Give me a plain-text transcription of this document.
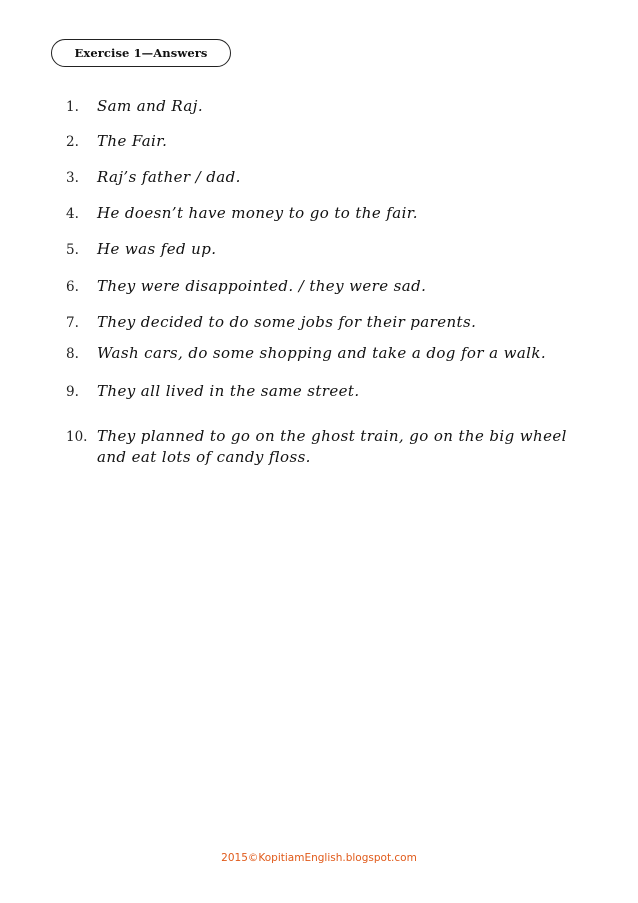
Exercise 1—Answers
1. Sam and Raj.
2. The Fair.
3. Raj’s father / dad.
4. He doesn’t have money to go to the fair.
5. He was fed up.
6. They were disappointed. / they were sad.
7. They decided to do some jobs for their parents.
8. Wash cars, do some shopping and take a dog for a walk.
9. They all lived in the same street.
10. They planned to go on the ghost train, go on the big wheel and eat lots of candy floss.
2015©KopitiamEnglish.blogspot.com
